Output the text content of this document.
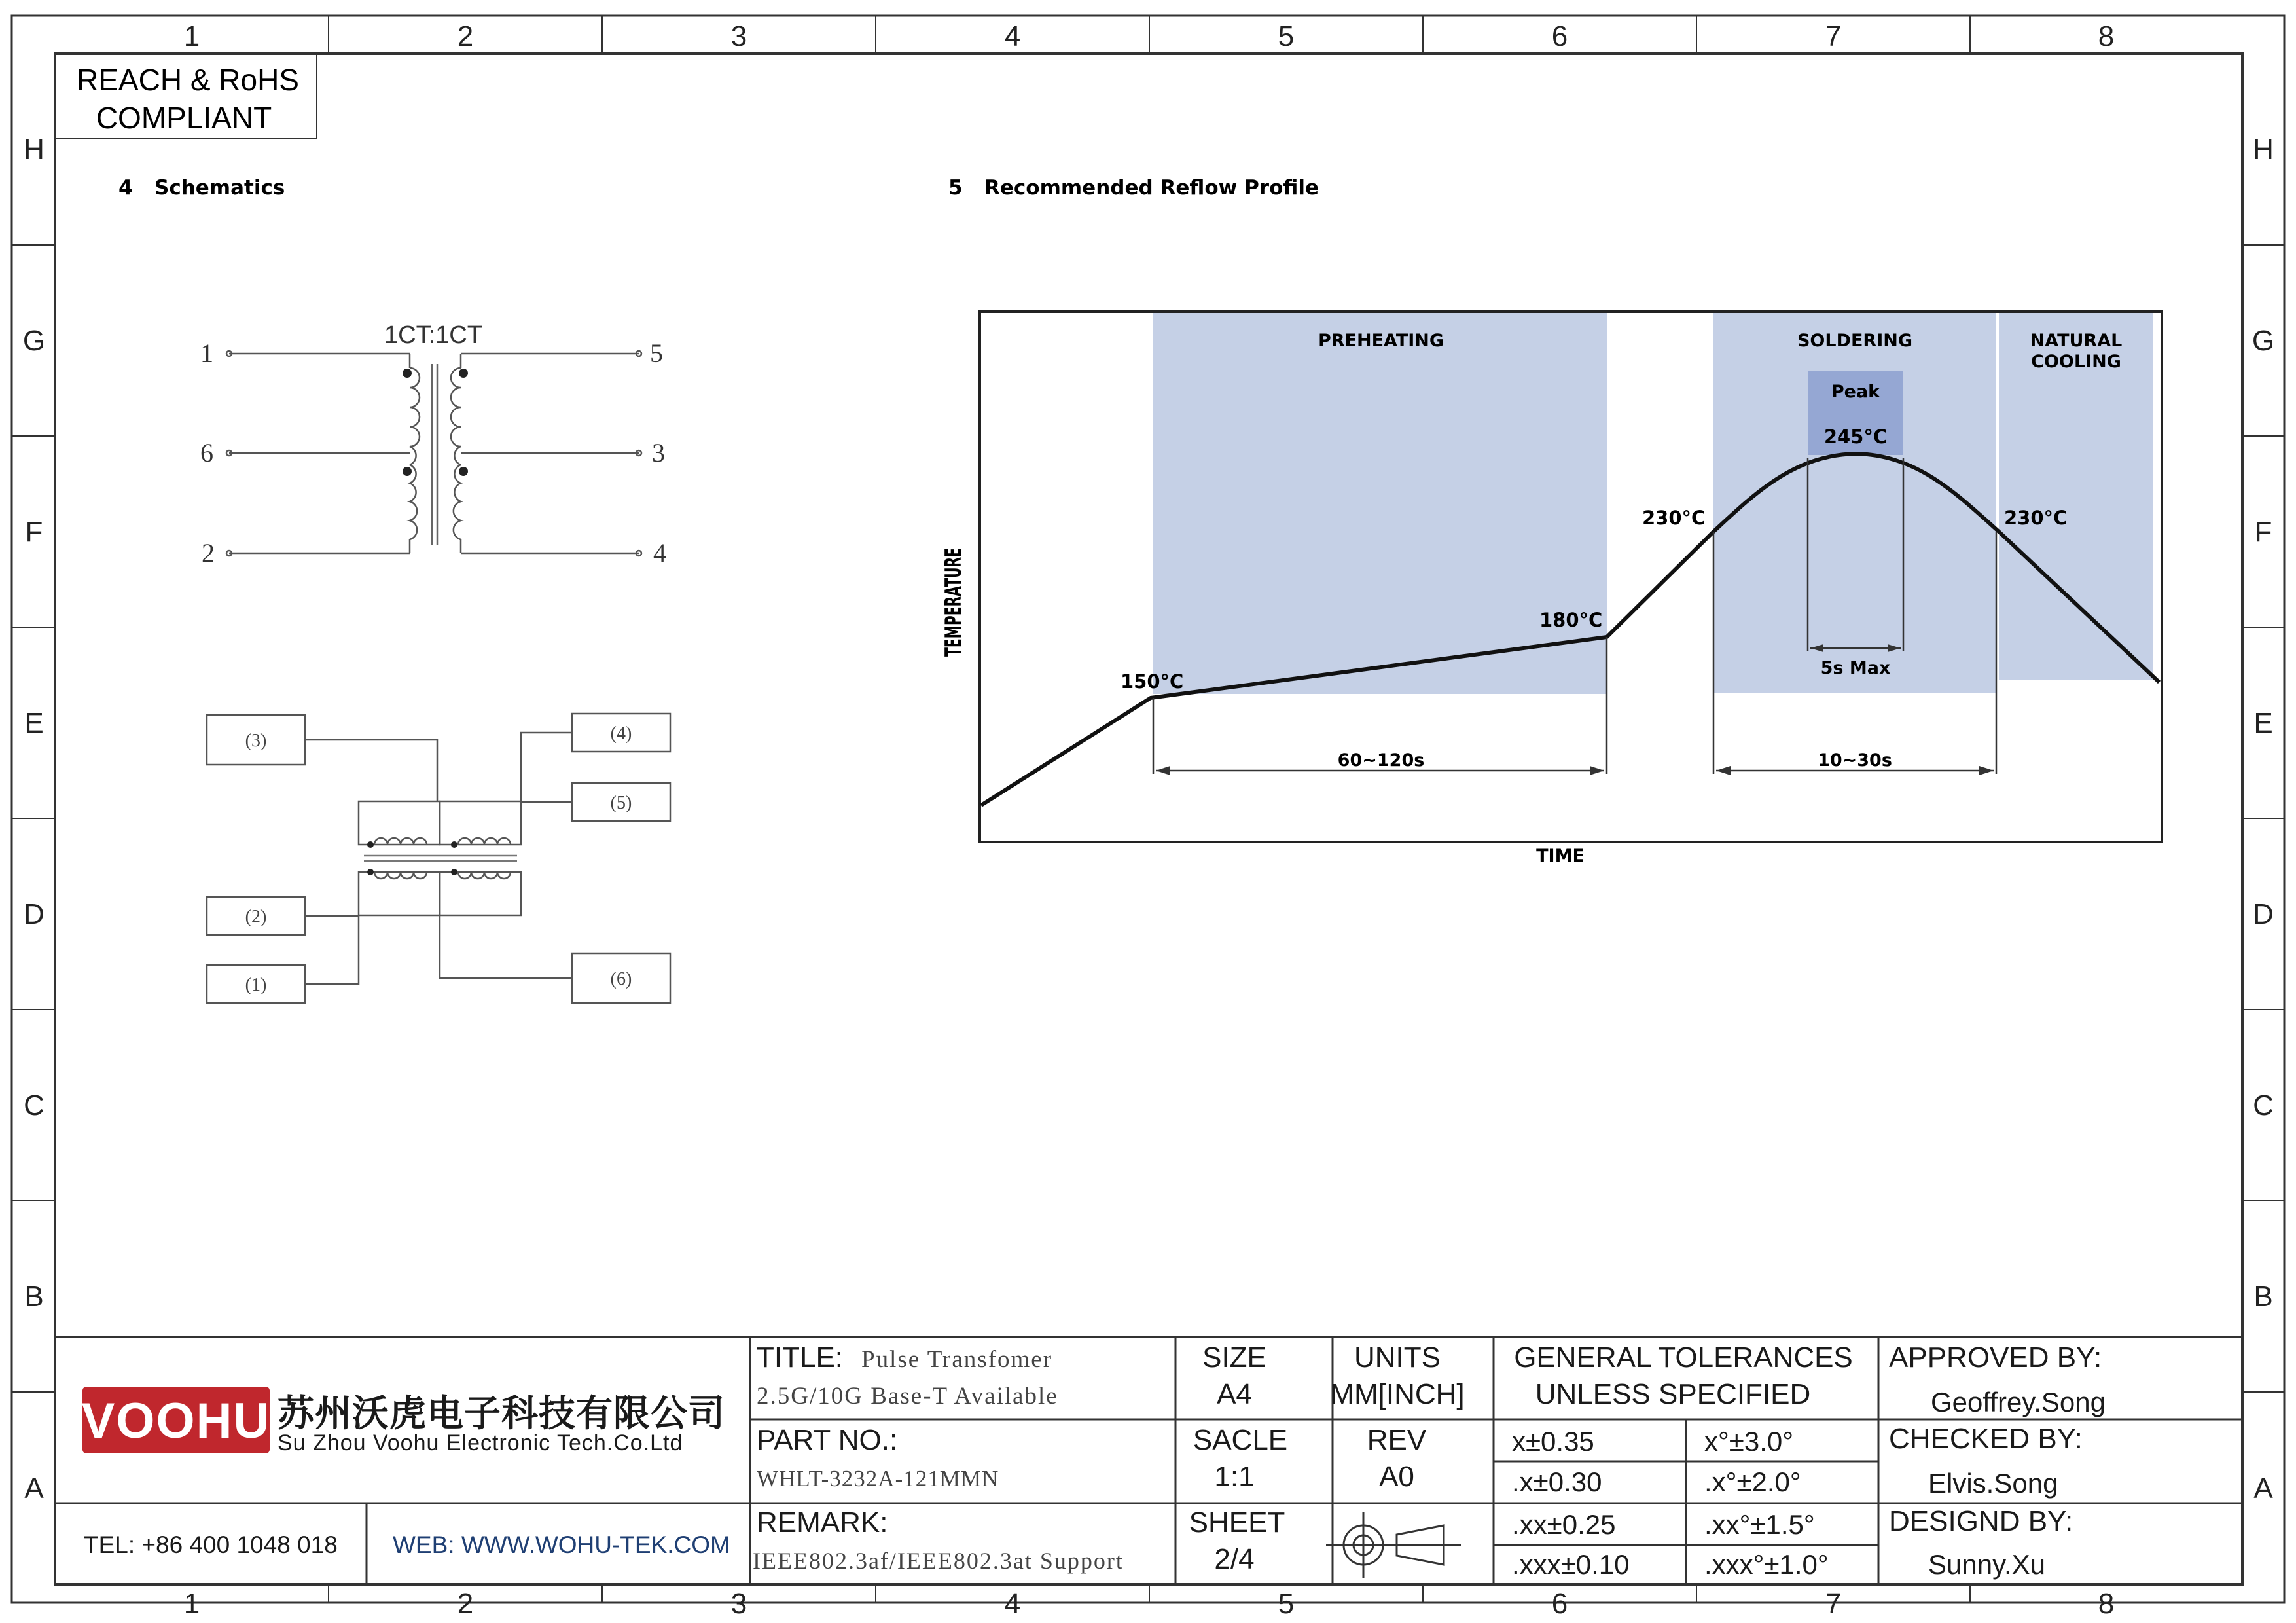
1
1
2
2
3
3
4
4
5
5
6
6
7
7
8
8
H	H
G	G
F	F
E	E
D	D
C	C
B	B
A	A
REACH & RoHS
COMPLIANT
4 Schematics
1CT:1CT
1
6
2
5
3
4
(3)	(4)
(5)
(2)
(1)	(6)
5 Recommended Reflow Profile
PREHEATING	SOLDERING	NATURAL
COOLING
Peak
150°C
180°C
230°C
245°C
230°C
60~120s	10~30s
5s Max
TIME
TEMPERATURE
VOOHU 苏州沃虎电子科技有限公司
Su Zhou Voohu Electronic Tech.Co.Ltd
TEL: +86 400 1048 018 WEB: WWW.WOHU-TEK.COM
TITLE: Pulse Transfomer
2.5G/10G Base-T Available
PART NO.:
WHLT-3232A-121MMN
REMARK:
IEEE802.3af/IEEE802.3at Support
SIZE
A4
UNITS
MM[INCH]
SACLE
1:1
REV
A0
SHEET
2/4
GENERAL TOLERANCES
UNLESS SPECIFIED
x±0.35	x°±3.0°
.x±0.30	.x°±2.0°
.xx±0.25	.xx°±1.5°
.xxx±0.10	.xxx°±1.0°
APPROVED BY:
Geoffrey.Song
CHECKED BY:
Elvis.Song
DESIGND BY:
Sunny.Xu
